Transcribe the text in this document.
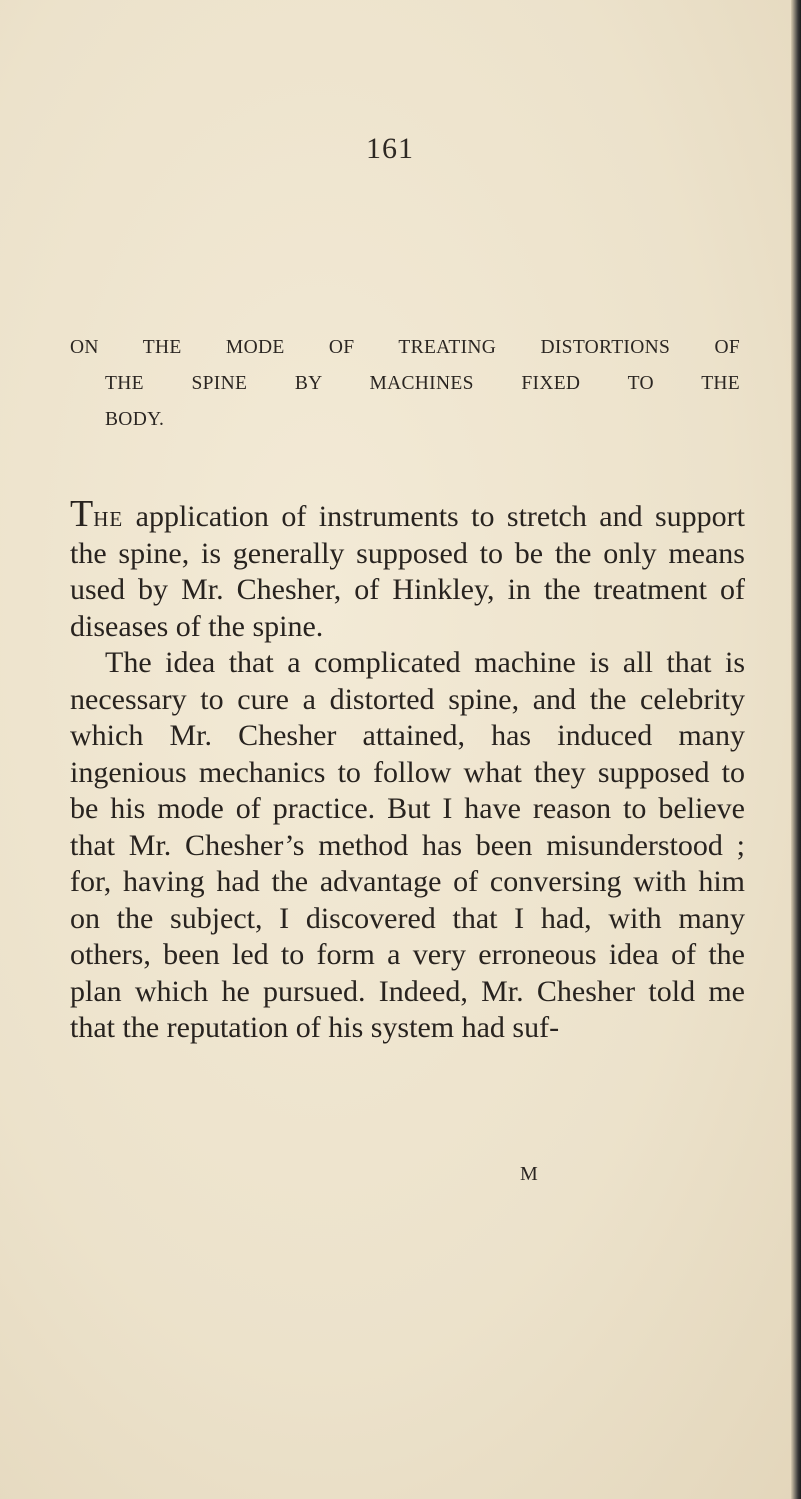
161
ON THE MODE OF TREATING DISTORTIONS OF
THE SPINE BY MACHINES FIXED TO THE
BODY.

The application of instruments to stretch and support the spine, is generally supposed to be the only means used by Mr. Chesher, of Hinkley, in the treatment of diseases of the spine.

The idea that a complicated machine is all that is necessary to cure a distorted spine, and the celebrity which Mr. Chesher attained, has induced many ingenious mechanics to follow what they supposed to be his mode of practice. But I have reason to believe that Mr. Chesher’s method has been misunderstood ; for, having had the advantage of conversing with him on the subject, I discovered that I had, with many others, been led to form a very erroneous idea of the plan which he pursued. Indeed, Mr. Chesher told me that the reputation of his system had suf-

M
